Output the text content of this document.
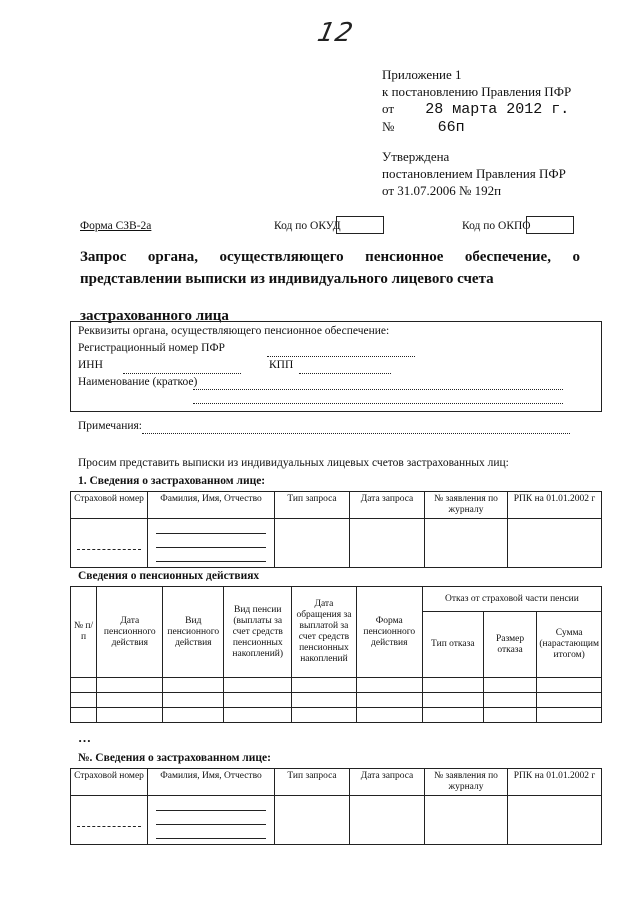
12
Приложение 1
к постановлению Правления ПФР
от 28 марта 2012 г.
№	66п
Утверждена
постановлением Правления ПФР
от 31.07.2006 № 192п
Форма СЗВ-2а	Код по ОКУД	Код по ОКПО
Запрос органа, осуществляющего пенсионное обеспечение, о
представлении выписки из индивидуального лицевого счета
застрахованного лица
Реквизиты органа, осуществляющего пенсионное обеспечение:
Регистрационный номер ПФР
ИНН	КПП
Наименование (краткое)
Примечания:
Просим представить выписки из индивидуальных лицевых счетов застрахованных лиц:
1. Сведения о застрахованном лице:
Страховой номер	Фамилия, Имя, Отчество	Тип запроса	Дата запроса	№ заявления по журналу	РПК на 01.01.2002 г

Сведения о пенсионных действиях
№ п/п	Дата пенсионного действия	Вид пенсионного действия	Вид пенсии (выплаты за счет средств пенсионных накоплений)	Дата обращения за выплатой за счет средств пенсионных накоплений	Форма пенсионного действия	Отказ от страховой части пенсии		
						Тип отказа	Размер отказа	Сумма (нарастающим итогом)

…
№. Сведения о застрахованном лице:
Страховой номер	Фамилия, Имя, Отчество	Тип запроса	Дата запроса	№ заявления по журналу	РПК на 01.01.2002 г
